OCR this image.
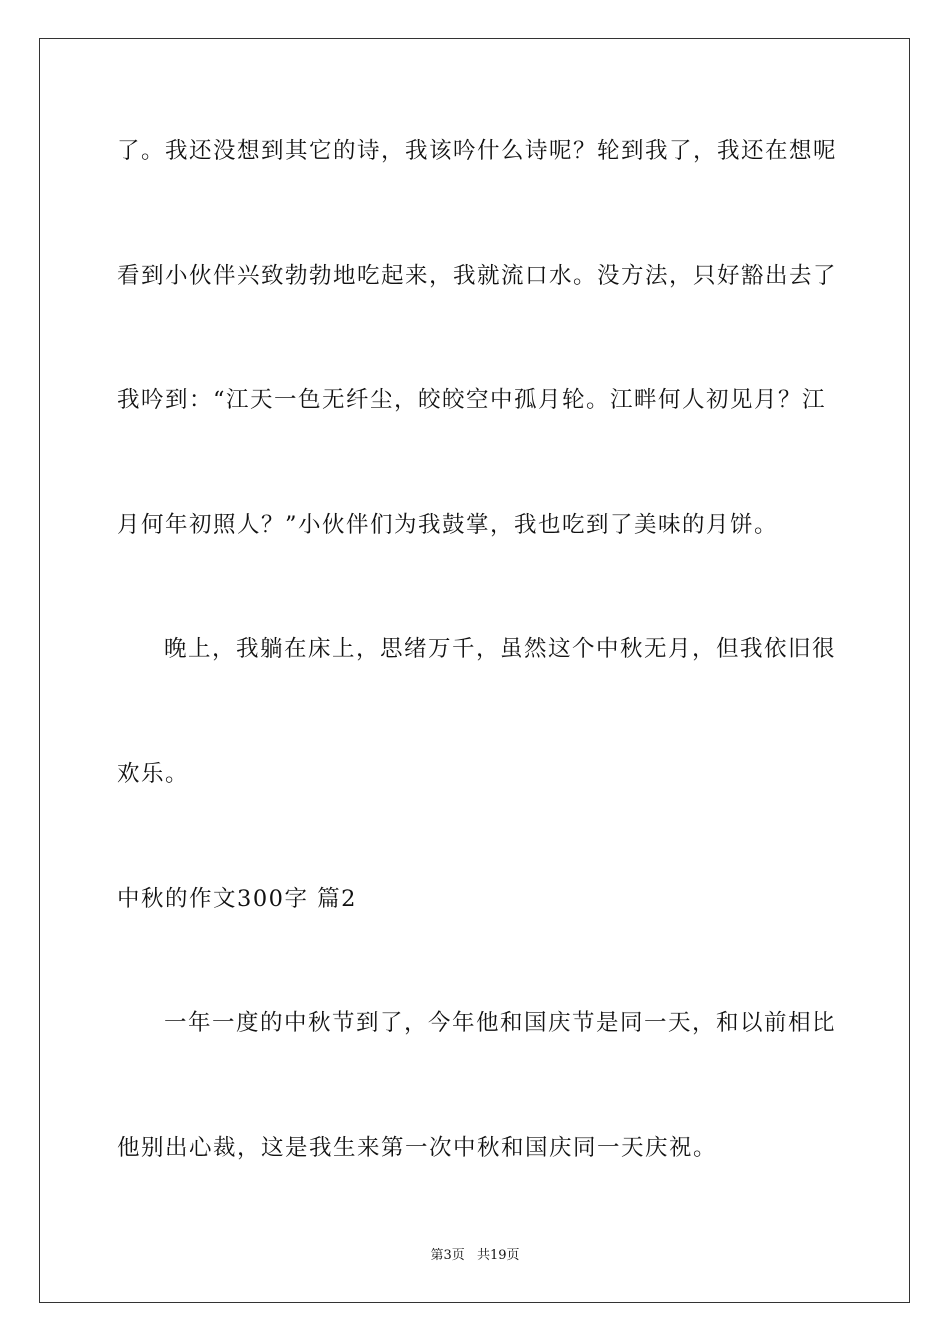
了。我还没想到其它的诗，我该吟什么诗呢？轮到我了，我还在想呢
看到小伙伴兴致勃勃地吃起来，我就流口水。没方法，只好豁出去了
我吟到：“江天一色无纤尘，皎皎空中孤月轮。江畔何人初见月？江
月何年初照人？”小伙伴们为我鼓掌，我也吃到了美味的月饼。
晚上，我躺在床上，思绪万千，虽然这个中秋无月，但我依旧很
欢乐。
中秋的作文300字 篇2
一年一度的中秋节到了，今年他和国庆节是同一天，和以前相比
他别出心裁，这是我生来第一次中秋和国庆同一天庆祝。
第3页 共19页
